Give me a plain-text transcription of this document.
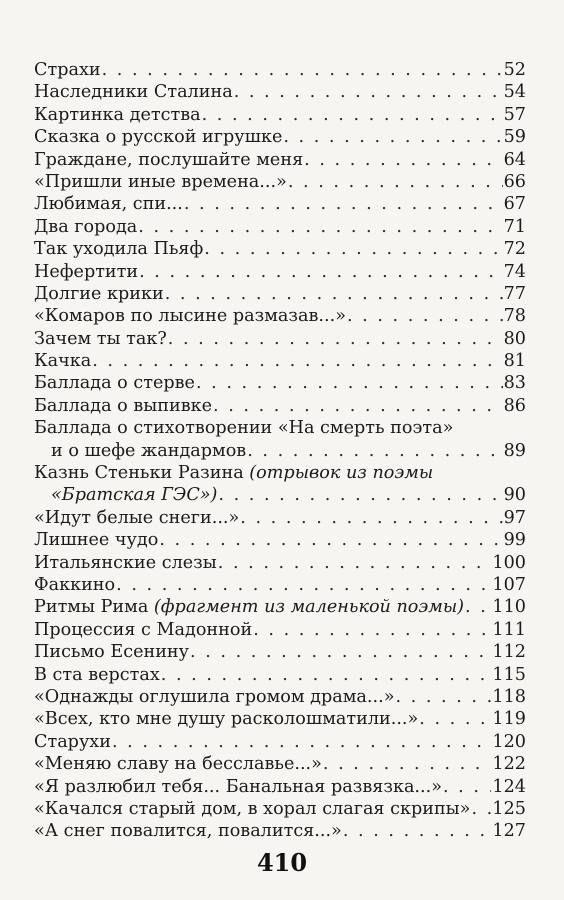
Страхи . . .	52
Наследники Сталина . . .	54
Картинка детства . . .	57
Сказка о русской игрушке . . .	59
Граждане, послушайте меня . . .	64
«Пришли иные времена...» . . .	66
Любимая, спи... . . .	67
Два города . . .	71
Так уходила Пьяф . . .	72
Нефертити . . .	74
Долгие крики . . .	77
«Комаров по лысине размазав...» . . .	78
Зачем ты так? . . .	80
Качка . . .	81
Баллада о стерве . . .	83
Баллада о выпивке . . .	86
Баллада о стихотворении «На смерть поэта»
и о шефе жандармов . . .	89
Казнь Стеньки Разина (отрывок из поэмы
«Братская ГЭС») . . .	90
«Идут белые снеги...» . . .	97
Лишнее чудо . . .	99
Итальянские слезы . . .	100
Факкино . . .	107
Ритмы Рима (фрагмент из маленькой поэмы) . . . 110
Процессия с Мадонной . . .	111
Письмо Есенину . . .	112
В ста верстах . . .	115
«Однажды оглушила громом драма...» . . .	118
«Всех, кто мне душу расколошматили...» . . .	119
Старухи . . .	120
«Меняю славу на бесславье...» . . .	122
«Я разлюбил тебя... Банальная развязка...» . . .	124
«Качался старый дом, в хорал слагая скрипы» . . . 125
«А снег повалится, повалится...» . . .	127
410
